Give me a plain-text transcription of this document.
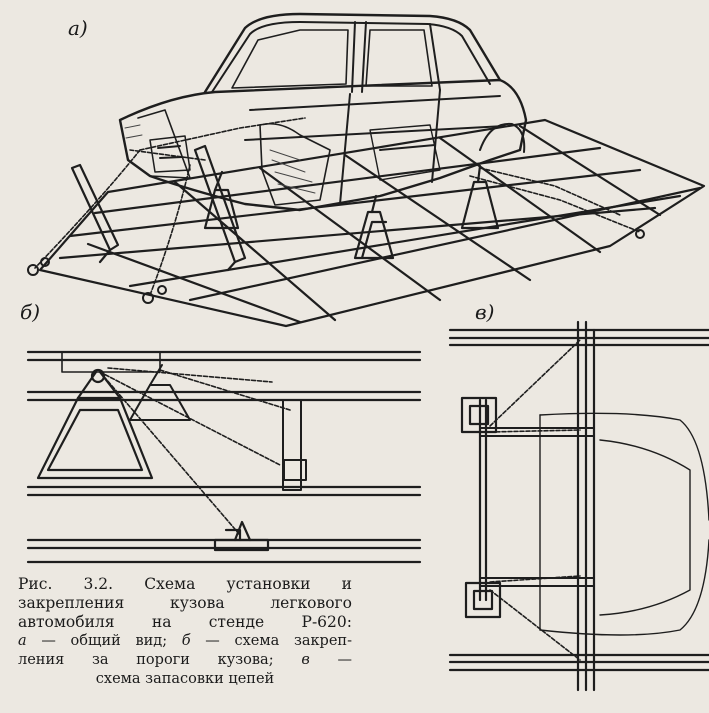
а)
б)	в)
Рис. 3.2. Схема установки и
закрепления кузова легкового
автомобиля на стенде Р-620:
а — общий вид; б — схема закреп-
ления за пороги кузова; в —
схема запасовки цепей
